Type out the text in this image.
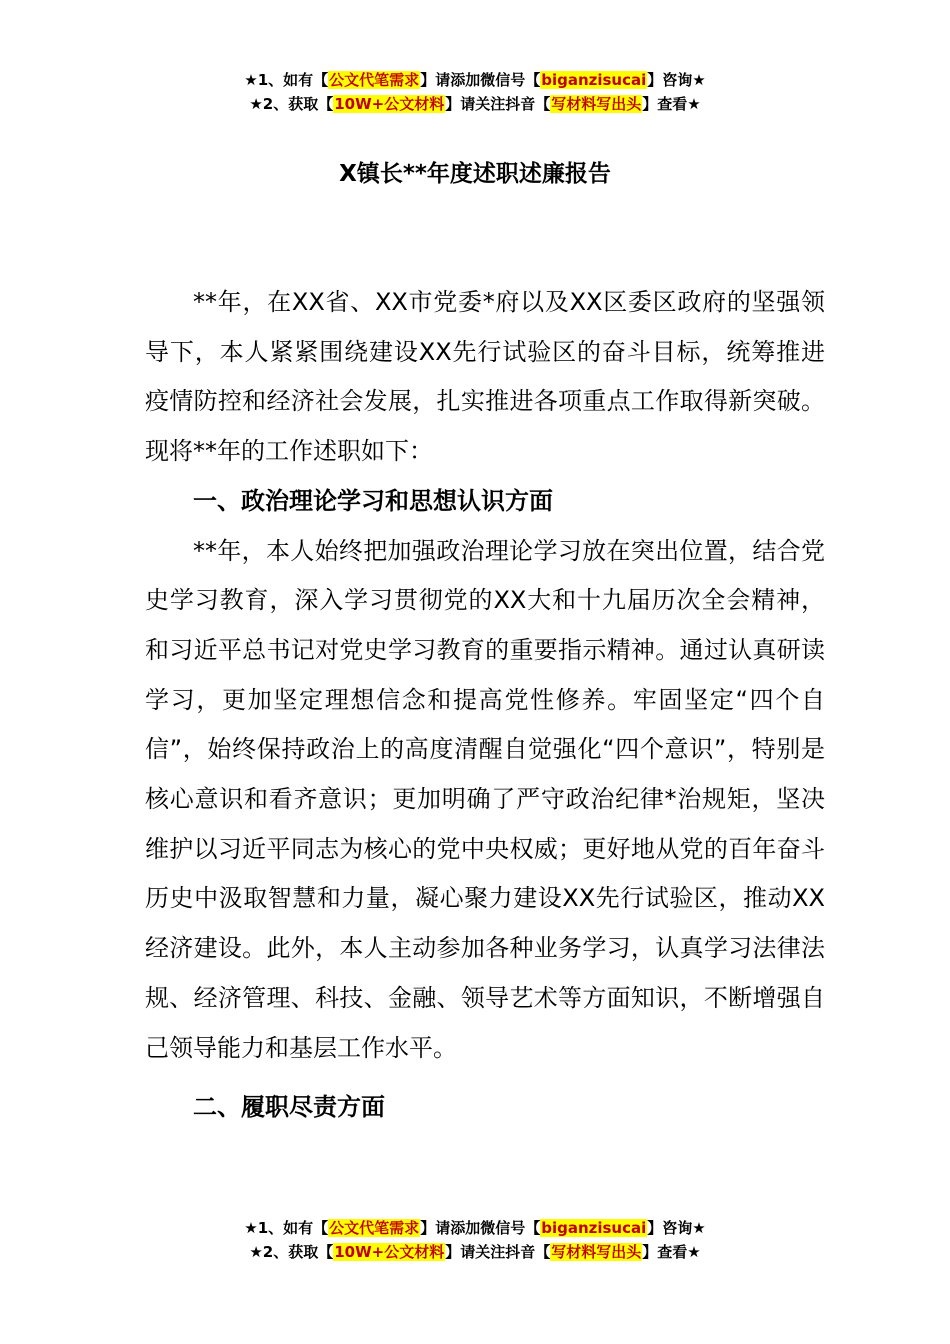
★1、如有【公文代笔需求】请添加微信号【biganzisucai】咨询★
★2、获取【10W+公文材料】请关注抖音【写材料写出头】查看★
X镇长**年度述职述廉报告

**年，在XX省、XX市党委*府以及XX区委区政府的坚强领导下，本人紧紧围绕建设XX先行试验区的奋斗目标，统筹推进疫情防控和经济社会发展，扎实推进各项重点工作取得新突破。现将**年的工作述职如下：

一、政治理论学习和思想认识方面

**年，本人始终把加强政治理论学习放在突出位置，结合党史学习教育，深入学习贯彻党的XX大和十九届历次全会精神，和习近平总书记对党史学习教育的重要指示精神。通过认真研读学习，更加坚定理想信念和提高党性修养。牢固坚定“四个自信”，始终保持政治上的高度清醒自觉强化“四个意识”，特别是核心意识和看齐意识；更加明确了严守政治纪律*治规矩，坚决维护以习近平同志为核心的党中央权威；更好地从党的百年奋斗历史中汲取智慧和力量，凝心聚力建设XX先行试验区，推动XX经济建设。此外，本人主动参加各种业务学习，认真学习法律法规、经济管理、科技、金融、领导艺术等方面知识，不断增强自己领导能力和基层工作水平。

二、履职尽责方面

★1、如有【公文代笔需求】请添加微信号【biganzisucai】咨询★
★2、获取【10W+公文材料】请关注抖音【写材料写出头】查看★
